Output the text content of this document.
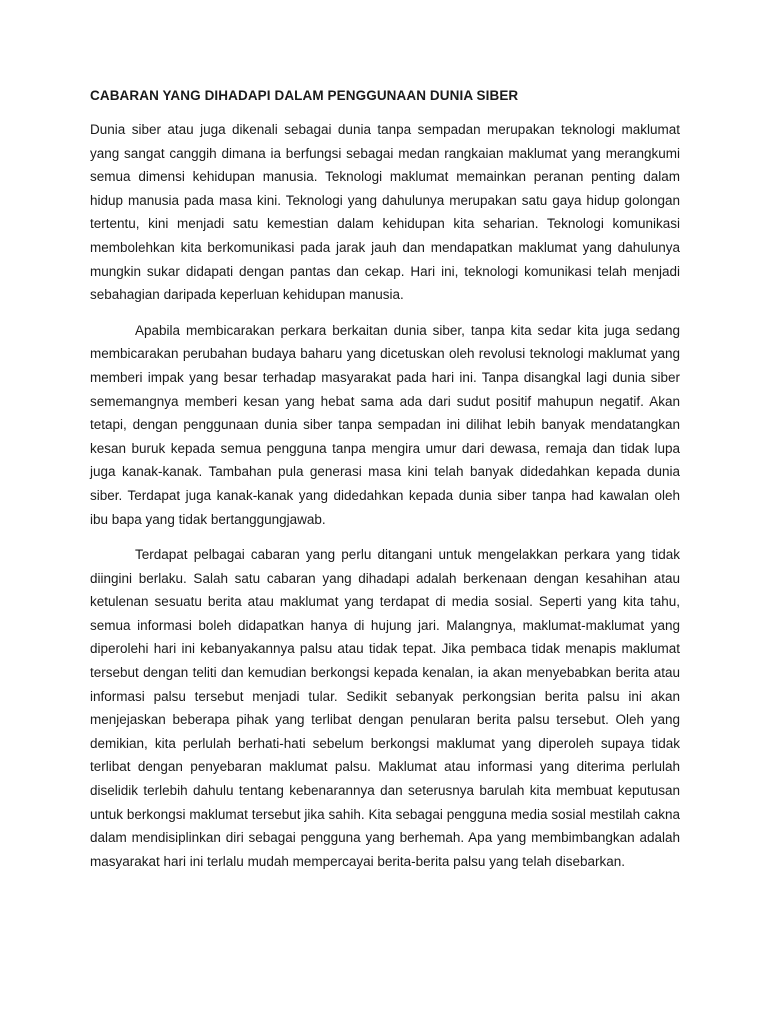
CABARAN YANG DIHADAPI DALAM PENGGUNAAN DUNIA SIBER

Dunia siber atau juga dikenali sebagai dunia tanpa sempadan merupakan teknologi maklumat yang sangat canggih dimana ia berfungsi sebagai medan rangkaian maklumat yang merangkumi semua dimensi kehidupan manusia. Teknologi maklumat memainkan peranan penting dalam hidup manusia pada masa kini. Teknologi yang dahulunya merupakan satu gaya hidup golongan tertentu, kini menjadi satu kemestian dalam kehidupan kita seharian. Teknologi komunikasi membolehkan kita berkomunikasi pada jarak jauh dan mendapatkan maklumat yang dahulunya mungkin sukar didapati dengan pantas dan cekap. Hari ini, teknologi komunikasi telah menjadi sebahagian daripada keperluan kehidupan manusia.

Apabila membicarakan perkara berkaitan dunia siber, tanpa kita sedar kita juga sedang membicarakan perubahan budaya baharu yang dicetuskan oleh revolusi teknologi maklumat yang memberi impak yang besar terhadap masyarakat pada hari ini. Tanpa disangkal lagi dunia siber sememangnya memberi kesan yang hebat sama ada dari sudut positif mahupun negatif. Akan tetapi, dengan penggunaan dunia siber tanpa sempadan ini dilihat lebih banyak mendatangkan kesan buruk kepada semua pengguna tanpa mengira umur dari dewasa, remaja dan tidak lupa juga kanak-kanak. Tambahan pula generasi masa kini telah banyak didedahkan kepada dunia siber. Terdapat juga kanak-kanak yang didedahkan kepada dunia siber tanpa had kawalan oleh ibu bapa yang tidak bertanggungjawab.

Terdapat pelbagai cabaran yang perlu ditangani untuk mengelakkan perkara yang tidak diingini berlaku. Salah satu cabaran yang dihadapi adalah berkenaan dengan kesahihan atau ketulenan sesuatu berita atau maklumat yang terdapat di media sosial. Seperti yang kita tahu, semua informasi boleh didapatkan hanya di hujung jari. Malangnya, maklumat-maklumat yang diperolehi hari ini kebanyakannya palsu atau tidak tepat. Jika pembaca tidak menapis maklumat tersebut dengan teliti dan kemudian berkongsi kepada kenalan, ia akan menyebabkan berita atau informasi palsu tersebut menjadi tular. Sedikit sebanyak perkongsian berita palsu ini akan menjejaskan beberapa pihak yang terlibat dengan penularan berita palsu tersebut. Oleh yang demikian, kita perlulah berhati-hati sebelum berkongsi maklumat yang diperoleh supaya tidak terlibat dengan penyebaran maklumat palsu. Maklumat atau informasi yang diterima perlulah diselidik terlebih dahulu tentang kebenarannya dan seterusnya barulah kita membuat keputusan untuk berkongsi maklumat tersebut jika sahih. Kita sebagai pengguna media sosial mestilah cakna dalam mendisiplinkan diri sebagai pengguna yang berhemah. Apa yang membimbangkan adalah masyarakat hari ini terlalu mudah mempercayai berita-berita palsu yang telah disebarkan.
